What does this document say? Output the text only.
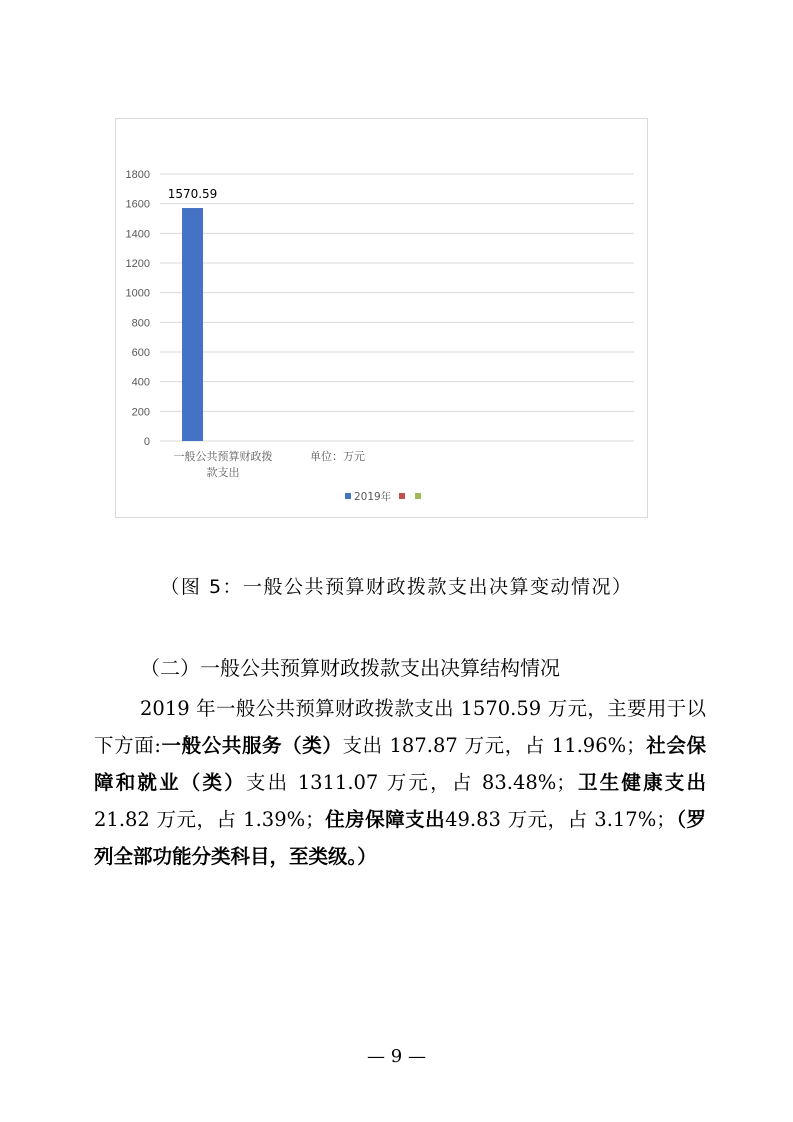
0
200
400
600
800
1000
1200
1400
1600
1800
1570.59
一般公共预算财政拨
款支出
单位：万元
2019年
（图 5：一般公共预算财政拨款支出决算变动情况）
（二）一般公共预算财政拨款支出决算结构情况
2019 年一般公共预算财政拨款支出 1570.59 万元，主要用于以下方面:一般公共服务（类）支出 187.87 万元，占 11.96%；社会保障和就业（类）支出 1311.07 万元，占 83.48%；卫生健康支出21.82 万元，占 1.39%；住房保障支出49.83 万元，占 3.17%；（罗列全部功能分类科目，至类级。）
— 9 —
